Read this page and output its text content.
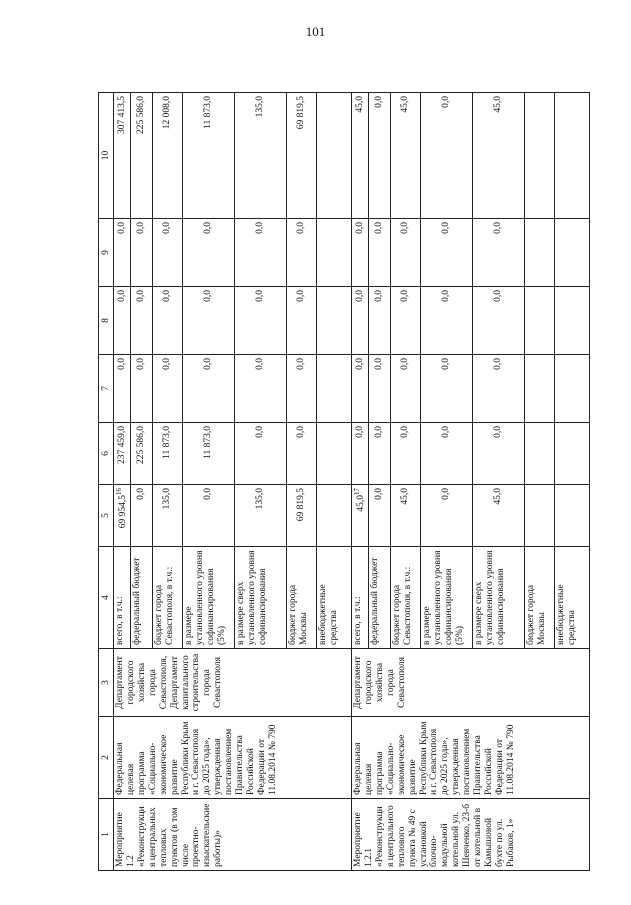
101
1	2	3	4	5	6	7	8	9	10
Мероприятие 1.2 «Реконструкция центральных тепловых пунктов (в том числе проектно-изыскательские работы)»	Федеральная целевая программа «Социально-экономическое развитие Республики Крым и г. Севастополя до 2025 года», утвержденная постановлением Правительства Российской Федерации от 11.08.2014 № 790	Департамент городского хозяйства города Севастополя, Департамент капитального строительства города Севастополя	всего, в т.ч.:	69 954,5$^{16}$	237 459,0	0,0	0,0	0,0	307 413,5
			федеральный бюджет	0,0	225 586,0	0,0	0,0	0,0	225 586,0
			бюджет города Севастополя, в т.ч.:	135,0	11 873,0	0,0	0,0	0,0	12 008,0
			в размере установленного уровня софинансирования (5%)	0,0	11 873,0	0,0	0,0	0,0	11 873,0
			в размере сверх установленного уровня софинансирования	135,0	0,0	0,0	0,0	0,0	135,0
			бюджет города Москвы	69 819,5	0,0	0,0	0,0	0,0	69 819,5
			внебюджетные средства						
Мероприятие 1.2.1 «Реконструкция центрального теплового пункта № 49 с установкой блочно-модульной котельной ул. Шевченко, 23-б от котельной в Камышовой бухте по ул. Рыбаков, 1»	Федеральная целевая программа «Социально-экономическое развитие Республики Крым и г. Севастополя до 2025 года», утвержденная постановлением Правительства Российской Федерации от 11.08.2014 № 790	Департамент городского хозяйства города Севастополя	всего, в т.ч.:	45,0$^{17}$	0,0	0,0	0,0	0,0	45,0
			федеральный бюджет	0,0	0,0	0,0	0,0	0,0	0,0
			бюджет города Севастополя, в т.ч.:	45,0	0,0	0,0	0,0	0,0	45,0
			в размере установленного уровня софинансирования (5%)	0,0	0,0	0,0	0,0	0,0	0,0
			в размере сверх установленного уровня софинансирования	45,0	0,0	0,0	0,0	0,0	45,0
			бюджет города Москвы						
			внебюджетные средства						
